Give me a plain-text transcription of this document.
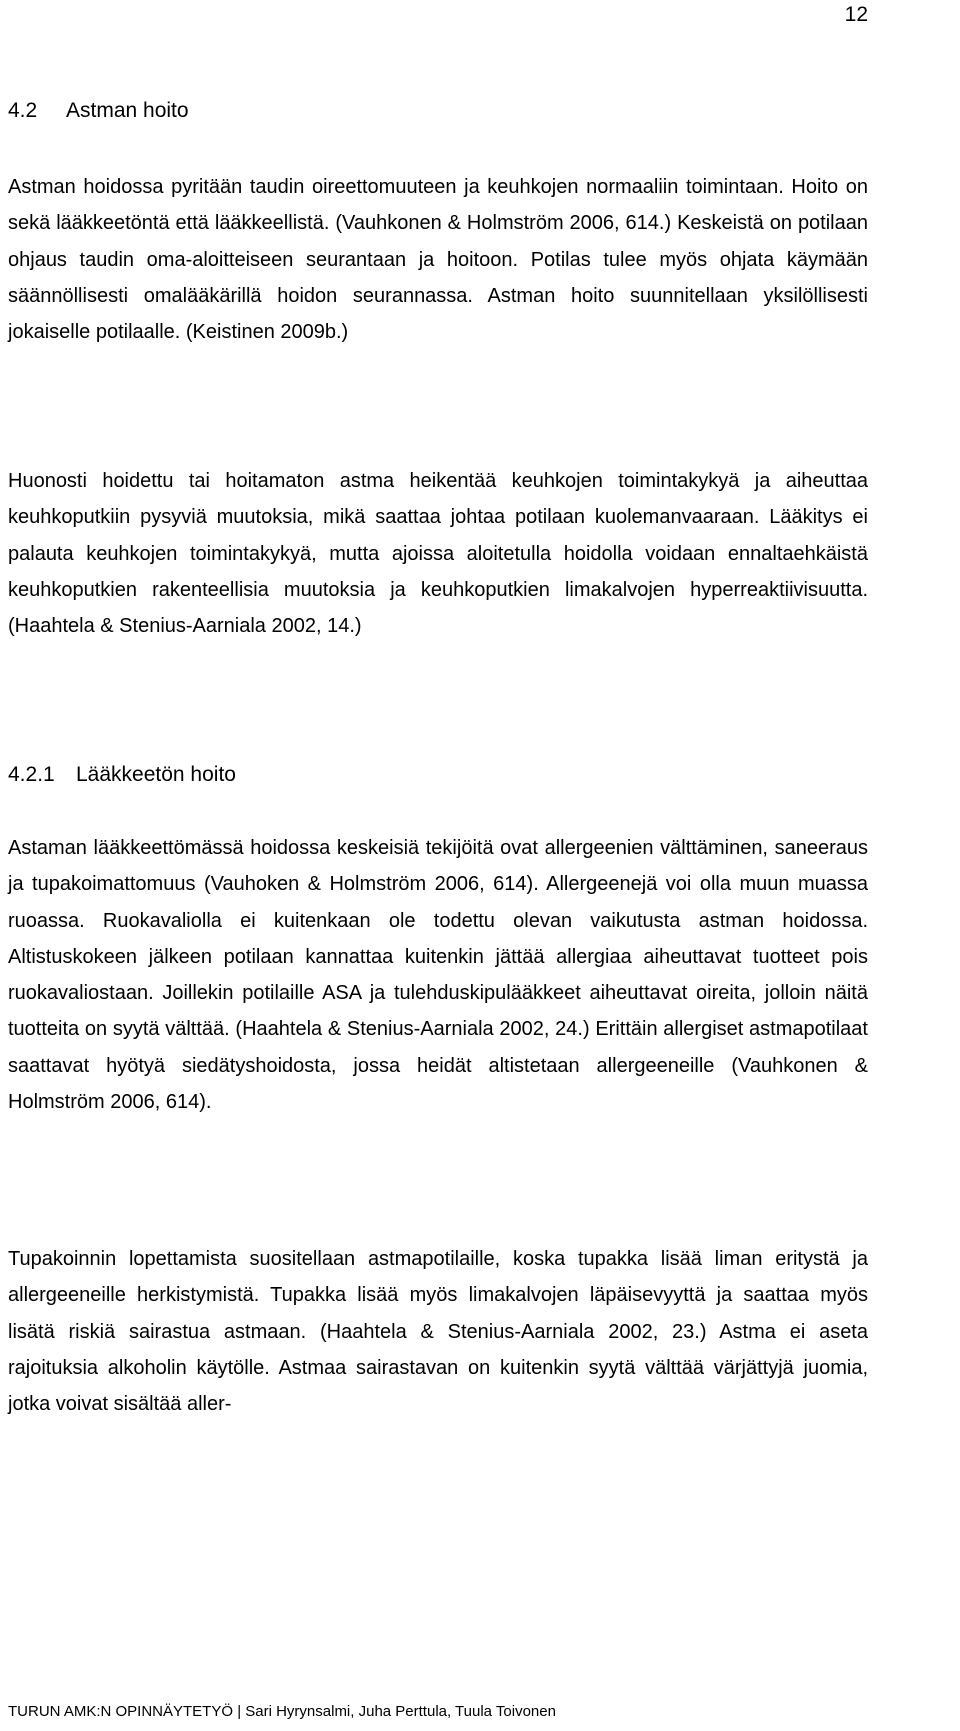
12
4.2	Astman hoito

Astman hoidossa pyritään taudin oireettomuuteen ja keuhkojen normaaliin toimintaan. Hoito on sekä lääkkeetöntä että lääkkeellistä. (Vauhkonen & Holmström 2006, 614.) Keskeistä on potilaan ohjaus taudin oma-aloitteiseen seurantaan ja hoitoon. Potilas tulee myös ohjata käymään säännöllisesti omalääkärillä hoidon seurannassa. Astman hoito suunnitellaan yksilöllisesti jokaiselle potilaalle. (Keistinen 2009b.)

Huonosti hoidettu tai hoitamaton astma heikentää keuhkojen toimintakykyä ja aiheuttaa keuhkoputkiin pysyviä muutoksia, mikä saattaa johtaa potilaan kuolemanvaaraan. Lääkitys ei palauta keuhkojen toimintakykyä, mutta ajoissa aloitetulla hoidolla voidaan ennaltaehkäistä keuhkoputkien rakenteellisia muutoksia ja keuhkoputkien limakalvojen hyperreaktiivisuutta. (Haahtela & Stenius-Aarniala 2002, 14.)

4.2.1	Lääkkeetön hoito

Astaman lääkkeettömässä hoidossa keskeisiä tekijöitä ovat allergeenien välttäminen, saneeraus ja tupakoimattomuus (Vauhoken & Holmström 2006, 614). Allergeenejä voi olla muun muassa ruoassa. Ruokavaliolla ei kuitenkaan ole todettu olevan vaikutusta astman hoidossa. Altistuskokeen jälkeen potilaan kannattaa kuitenkin jättää allergiaa aiheuttavat tuotteet pois ruokavaliostaan. Joillekin potilaille ASA ja tulehduskipulääkkeet aiheuttavat oireita, jolloin näitä tuotteita on syytä välttää. (Haahtela & Stenius-Aarniala 2002, 24.) Erittäin allergiset astmapotilaat saattavat hyötyä siedätyshoidosta, jossa heidät altistetaan allergeeneille (Vauhkonen & Holmström 2006, 614).

Tupakoinnin lopettamista suositellaan astmapotilaille, koska tupakka lisää liman eritystä ja allergeeneille herkistymistä. Tupakka lisää myös limakalvojen läpäisevyyttä ja saattaa myös lisätä riskiä sairastua astmaan. (Haahtela & Stenius-Aarniala 2002, 23.) Astma ei aseta rajoituksia alkoholin käytölle. Astmaa sairastavan on kuitenkin syytä välttää värjättyjä juomia, jotka voivat sisältää aller-

TURUN AMK:N OPINNÄYTETYÖ | Sari Hyrynsalmi, Juha Perttula, Tuula Toivonen
